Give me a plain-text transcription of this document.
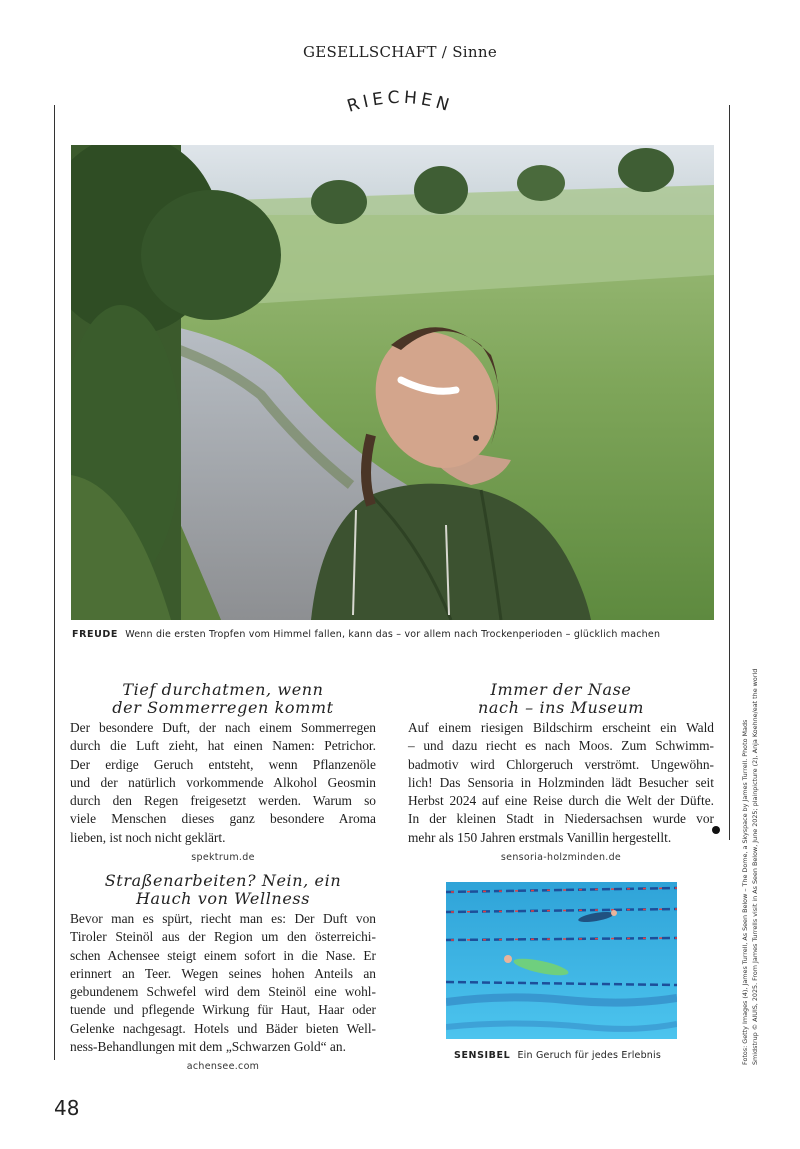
GESELLSCHAFT / Sinne
RIECHEN
FREUDE Wenn die ersten Tropfen vom Himmel fallen, kann das – vor allem nach Trockenperioden – glücklich machen
Tief durchatmen, wenn
der Sommerregen kommt
Der besondere Duft, der nach einem Sommerregen
durch die Luft zieht, hat einen Namen: Petrichor.
Der erdige Geruch entsteht, wenn Pflanzenöle
und der natürlich vorkommende Alkohol Geosmin
durch den Regen freigesetzt werden. Warum so
viele Menschen dieses ganz besondere Aroma
lieben, ist noch nicht geklärt.
spektrum.de
Straßenarbeiten? Nein, ein
Hauch von Wellness
Bevor man es spürt, riecht man es: Der Duft von
Tiroler Steinöl aus der Region um den österreichi-
schen Achensee steigt einem sofort in die Nase. Er
erinnert an Teer. Wegen seines hohen Anteils an
gebundenem Schwefel wird dem Steinöl eine wohl-
tuende und pflegende Wirkung für Haut, Haar oder
Gelenke nachgesagt. Hotels und Bäder bieten Well-
ness-Behandlungen mit dem „Schwarzen Gold“ an.
achensee.com
Immer der Nase
nach – ins Museum
Auf einem riesigen Bildschirm erscheint ein Wald
– und dazu riecht es nach Moos. Zum Schwimm-
badmotiv wird Chlorgeruch verströmt. Ungewöhn-
lich! Das Sensoria in Holzminden lädt Besucher seit
Herbst 2024 auf eine Reise durch die Welt der Düfte.
In der kleinen Stadt in Niedersachsen wurde vor
mehr als 150 Jahren erstmals Vanillin hergestellt.
sensoria-holzminden.de
SENSIBEL Ein Geruch für jedes Erlebnis
48
Fotos: Getty Images (4), James Turrell, As Seen Below – The Dome, a Skyspace by James Turrell. Photo Mads Smidstrup © AlUlS, 2025. From James Turrells visit in As Seen Below, June 2025; plainpicture (2), Anja Koehne/eat the world
